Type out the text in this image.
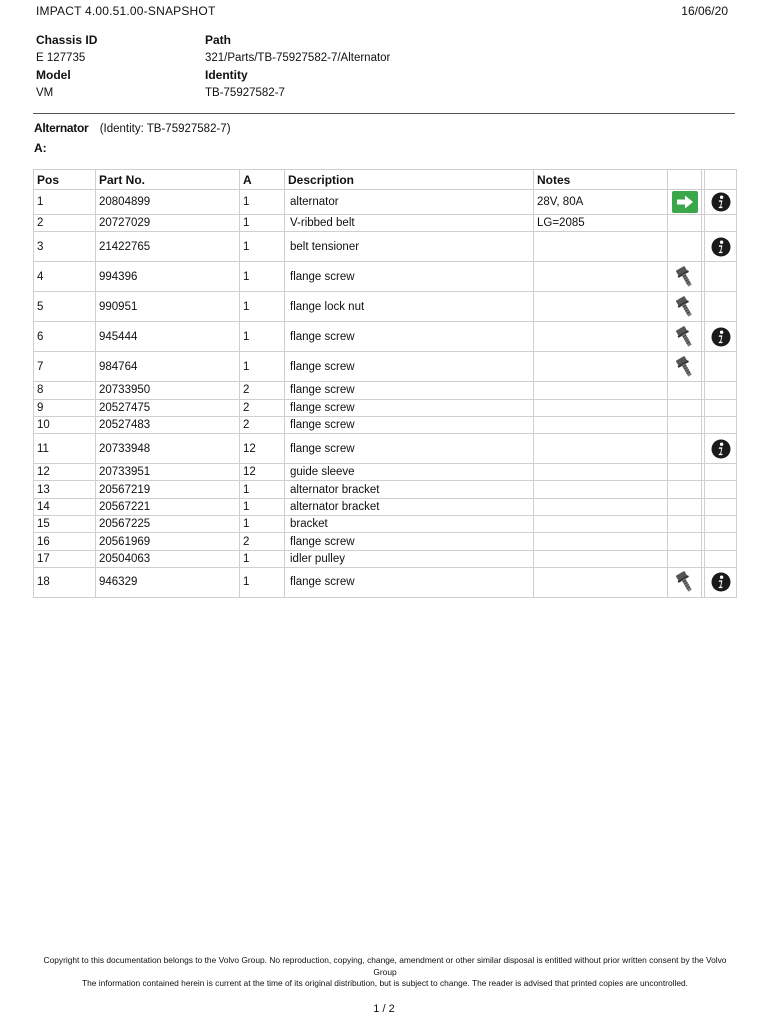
IMPACT 4.00.51.00-SNAPSHOT	16/06/20
Chassis ID
E 127735
Model
VM
Path
321/Parts/TB-75927582-7/Alternator
Identity
TB-75927582-7
Alternator (Identity: TB-75927582-7)
A:
Pos	Part No.	A	Description	Notes			
1	20804899	1	alternator	28V, 80A	

2	20727029	1	V-ribbed belt	LG=2085			
3	21422765	1	belt tensioner				
4	994396	1	flange screw				
5	990951	1	flange lock nut				
6	945444	1	flange screw				
7	984764	1	flange screw				
8	20733950	2	flange screw				
9	20527475	2	flange screw				
10	20527483	2	flange screw				
11	20733948	12	flange screw				
12	20733951	12	guide sleeve				
13	20567219	1	alternator bracket				
14	20567221	1	alternator bracket				
15	20567225	1	bracket				
16	20561969	2	flange screw				
17	20504063	1	idler pulley				
18	946329	1	flange screw				
Copyright to this documentation belongs to the Volvo Group. No reproduction, copying, change, amendment or other similar disposal is entitled without prior written consent by the Volvo Group
The information contained herein is current at the time of its original distribution, but is subject to change. The reader is advised that printed copies are uncontrolled.
1 / 2
